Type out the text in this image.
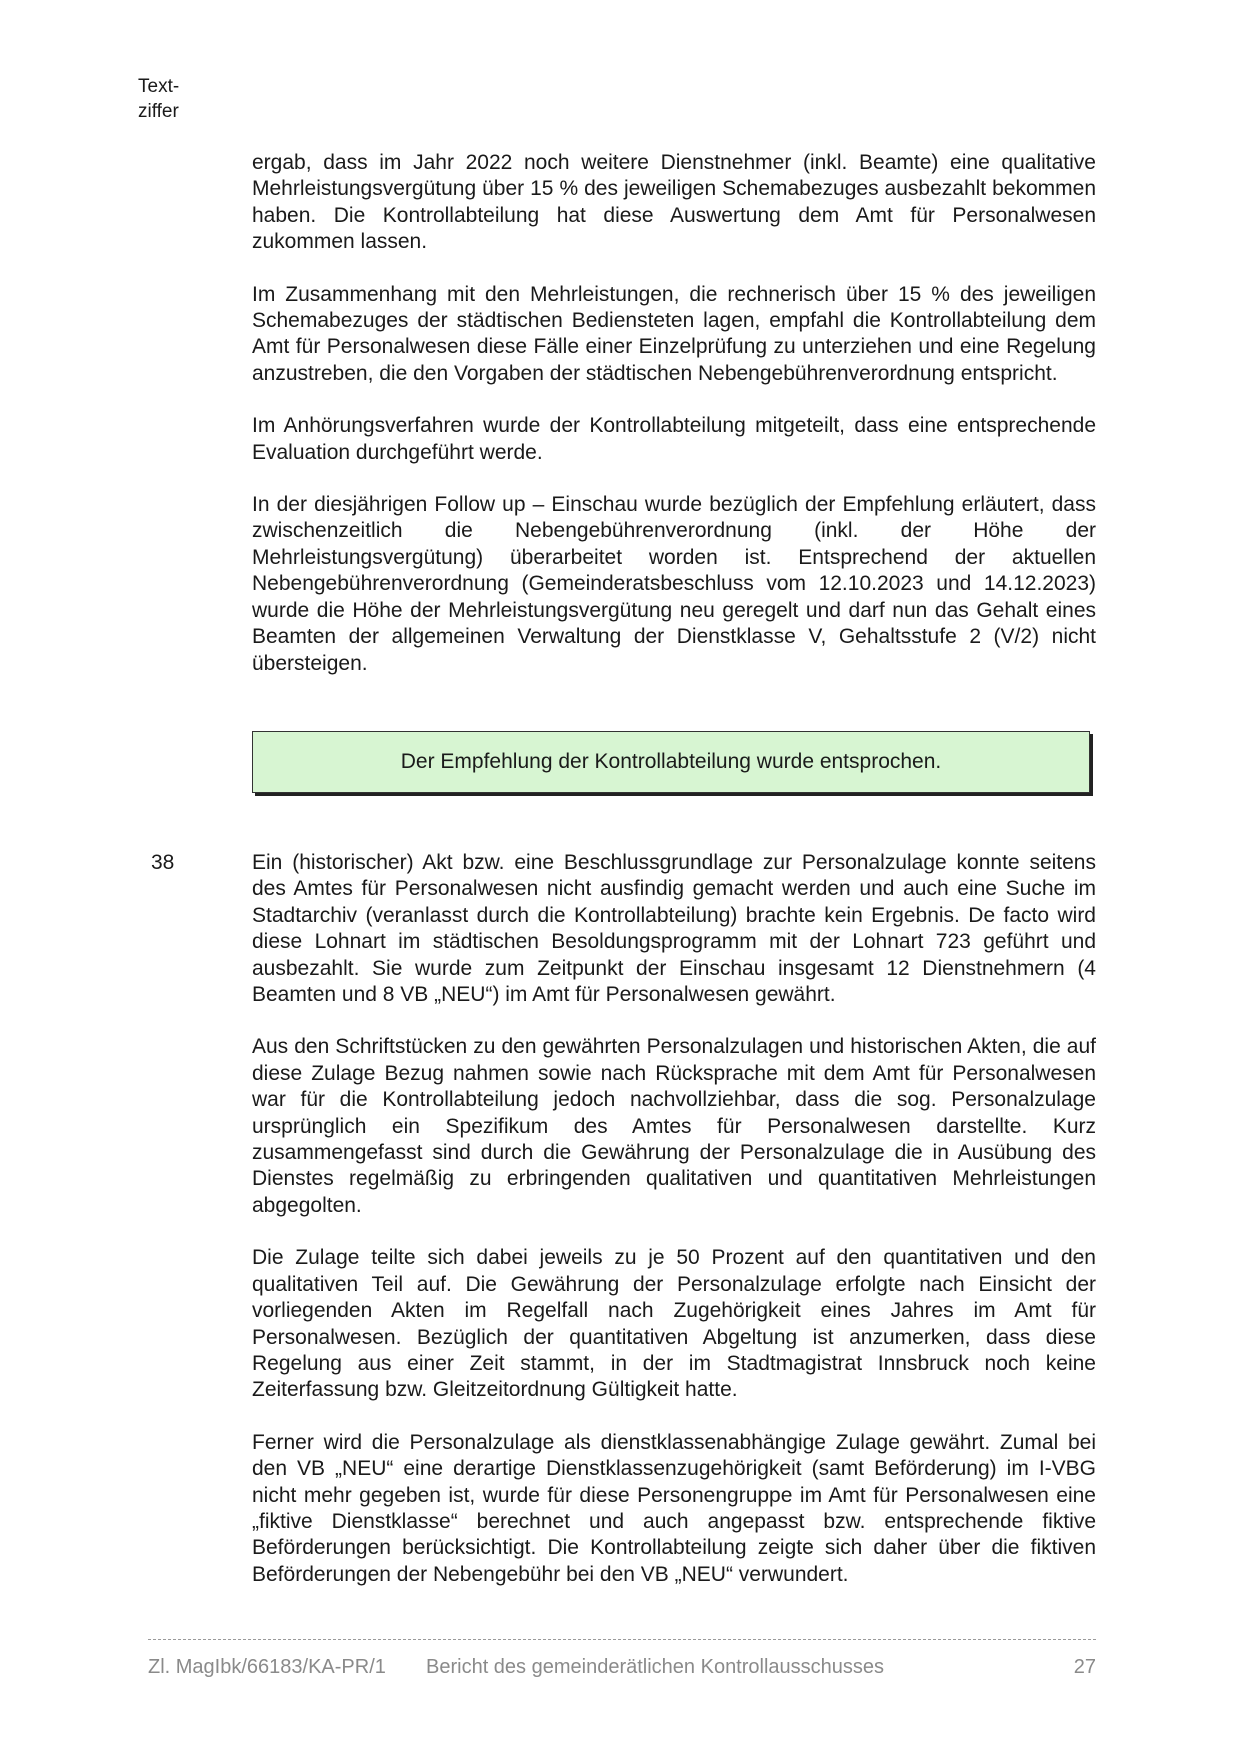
Text-
ziffer

ergab, dass im Jahr 2022 noch weitere Dienstnehmer (inkl. Beamte) eine qualitative Mehrleistungsvergütung über 15 % des jeweiligen Schemabezuges ausbezahlt bekommen haben. Die Kontrollabteilung hat diese Auswertung dem Amt für Personalwesen zukommen lassen.

Im Zusammenhang mit den Mehrleistungen, die rechnerisch über 15 % des jeweiligen Schemabezuges der städtischen Bediensteten lagen, empfahl die Kontrollabteilung dem Amt für Personalwesen diese Fälle einer Einzelprüfung zu unterziehen und eine Regelung anzustreben, die den Vorgaben der städtischen Nebengebührenverordnung entspricht.

Im Anhörungsverfahren wurde der Kontrollabteilung mitgeteilt, dass eine entsprechende Evaluation durchgeführt werde.

In der diesjährigen Follow up – Einschau wurde bezüglich der Empfehlung erläutert, dass zwischenzeitlich die Nebengebührenverordnung (inkl. der Höhe der Mehrleistungsvergütung) überarbeitet worden ist. Entsprechend der aktuellen Nebengebührenverordnung (Gemeinderatsbeschluss vom 12.10.2023 und 14.12.2023) wurde die Höhe der Mehrleistungsvergütung neu geregelt und darf nun das Gehalt eines Beamten der allgemeinen Verwaltung der Dienstklasse V, Gehaltsstufe 2 (V/2) nicht übersteigen.

Der Empfehlung der Kontrollabteilung wurde entsprochen.
38	Ein (historischer) Akt bzw. eine Beschlussgrundlage zur Personalzulage konnte seitens des Amtes für Personalwesen nicht ausfindig gemacht werden und auch eine Suche im Stadtarchiv (veranlasst durch die Kontrollabteilung) brachte kein Ergebnis. De facto wird diese Lohnart im städtischen Besoldungsprogramm mit der Lohnart 723 geführt und ausbezahlt. Sie wurde zum Zeitpunkt der Einschau insgesamt 12 Dienstnehmern (4 Beamten und 8 VB „NEU“) im Amt für Personalwesen gewährt.

Aus den Schriftstücken zu den gewährten Personalzulagen und historischen Akten, die auf diese Zulage Bezug nahmen sowie nach Rücksprache mit dem Amt für Personalwesen war für die Kontrollabteilung jedoch nachvollziehbar, dass die sog. Personalzulage ursprünglich ein Spezifikum des Amtes für Personalwesen darstellte. Kurz zusammengefasst sind durch die Gewährung der Personalzulage die in Ausübung des Dienstes regelmäßig zu erbringenden qualitativen und quantitativen Mehrleistungen abgegolten.

Die Zulage teilte sich dabei jeweils zu je 50 Prozent auf den quantitativen und den qualitativen Teil auf. Die Gewährung der Personalzulage erfolgte nach Einsicht der vorliegenden Akten im Regelfall nach Zugehörigkeit eines Jahres im Amt für Personalwesen. Bezüglich der quantitativen Abgeltung ist anzumerken, dass diese Regelung aus einer Zeit stammt, in der im Stadtmagistrat Innsbruck noch keine Zeiterfassung bzw. Gleitzeitordnung Gültigkeit hatte.

Ferner wird die Personalzulage als dienstklassenabhängige Zulage gewährt. Zumal bei den VB „NEU“ eine derartige Dienstklassenzugehörigkeit (samt Beförderung) im I-VBG nicht mehr gegeben ist, wurde für diese Personengruppe im Amt für Personalwesen eine „fiktive Dienstklasse“ berechnet und auch angepasst bzw. entsprechende fiktive Beförderungen berücksichtigt. Die Kontrollabteilung zeigte sich daher über die fiktiven Beförderungen der Nebengebühr bei den VB „NEU“ verwundert.

Zl. MagIbk/66183/KA-PR/1 Bericht des gemeinderätlichen Kontrollausschusses	27
